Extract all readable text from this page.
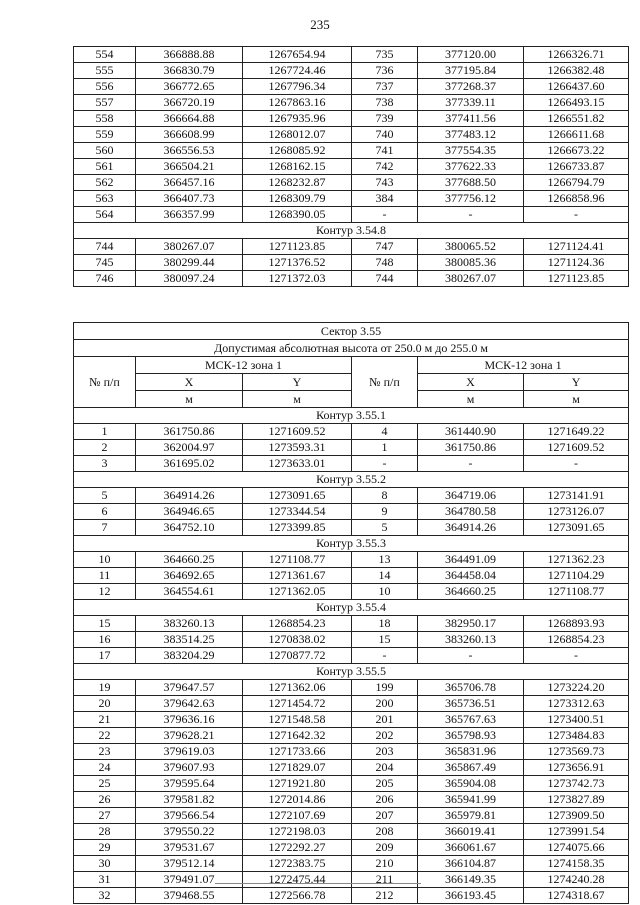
235
554	366888.88	1267654.94	735	377120.00	1266326.71
555	366830.79	1267724.46	736	377195.84	1266382.48
556	366772.65	1267796.34	737	377268.37	1266437.60
557	366720.19	1267863.16	738	377339.11	1266493.15
558	366664.88	1267935.96	739	377411.56	1266551.82
559	366608.99	1268012.07	740	377483.12	1266611.68
560	366556.53	1268085.92	741	377554.35	1266673.22
561	366504.21	1268162.15	742	377622.33	1266733.87
562	366457.16	1268232.87	743	377688.50	1266794.79
563	366407.73	1268309.79	384	377756.12	1266858.96
564	366357.99	1268390.05	-	-	-
Контур 3.54.8					
744	380267.07	1271123.85	747	380065.52	1271124.41
745	380299.44	1271376.52	748	380085.36	1271124.36
746	380097.24	1271372.03	744	380267.07	1271123.85
Сектор 3.55					
Допустимая абсолютная высота от 250.0 м до 255.0 м					
№ п/п	МСК-12 зона 1		№ п/п	МСК-12 зона 1	
	X	Y		X	Y
	м	м		м	м
Контур 3.55.1					
1	361750.86	1271609.52	4	361440.90	1271649.22
2	362004.97	1273593.31	1	361750.86	1271609.52
3	361695.02	1273633.01	-	-	-
Контур 3.55.2					
5	364914.26	1273091.65	8	364719.06	1273141.91
6	364946.65	1273344.54	9	364780.58	1273126.07
7	364752.10	1273399.85	5	364914.26	1273091.65
Контур 3.55.3					
10	364660.25	1271108.77	13	364491.09	1271362.23
11	364692.65	1271361.67	14	364458.04	1271104.29
12	364554.61	1271362.05	10	364660.25	1271108.77
Контур 3.55.4					
15	383260.13	1268854.23	18	382950.17	1268893.93
16	383514.25	1270838.02	15	383260.13	1268854.23
17	383204.29	1270877.72	-	-	-
Контур 3.55.5					
19	379647.57	1271362.06	199	365706.78	1273224.20
20	379642.63	1271454.72	200	365736.51	1273312.63
21	379636.16	1271548.58	201	365767.63	1273400.51
22	379628.21	1271642.32	202	365798.93	1273484.83
23	379619.03	1271733.66	203	365831.96	1273569.73
24	379607.93	1271829.07	204	365867.49	1273656.91
25	379595.64	1271921.80	205	365904.08	1273742.73
26	379581.82	1272014.86	206	365941.99	1273827.89
27	379566.54	1272107.69	207	365979.81	1273909.50
28	379550.22	1272198.03	208	366019.41	1273991.54
29	379531.67	1272292.27	209	366061.67	1274075.66
30	379512.14	1272383.75	210	366104.87	1274158.35
31	379491.07	1272475.44	211	366149.35	1274240.28
32	379468.55	1272566.78	212	366193.45	1274318.67
